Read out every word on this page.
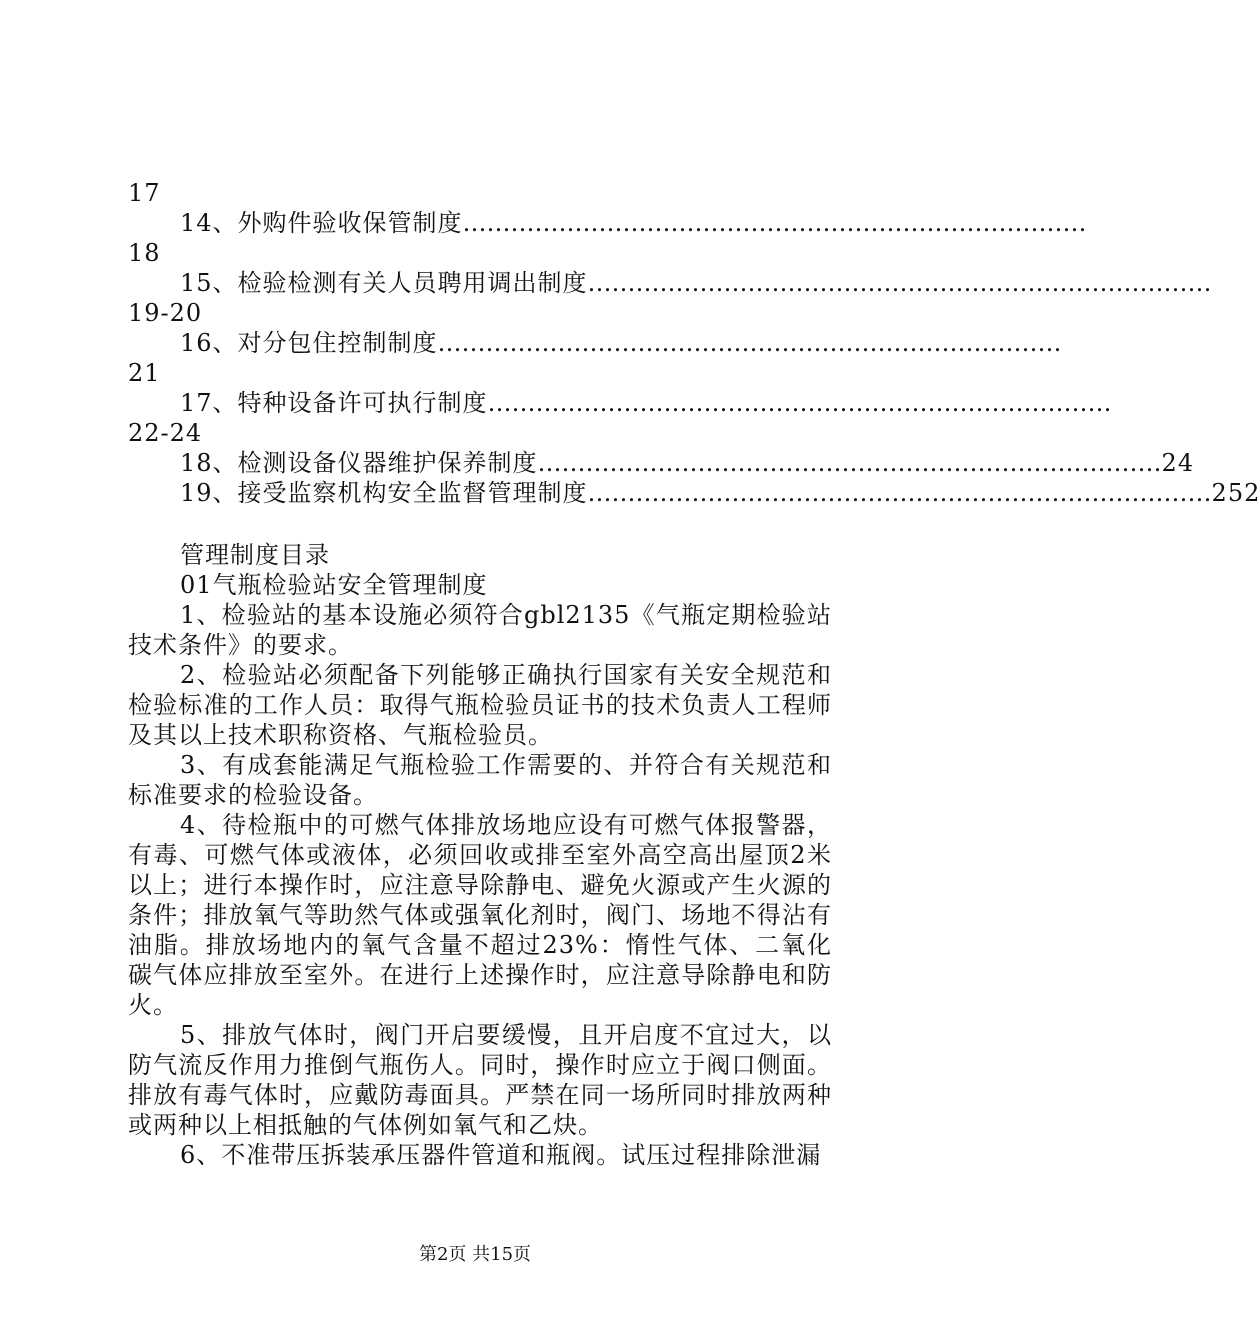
17
14、外购件验收保管制度 ……………………………………………………………………
18
15、检验检测有关人员聘用调出制度 ……………………………………………………………………
19-20
16、对分包住控制制度 ……………………………………………………………………
21
17、特种设备许可执行制度 ……………………………………………………………………
22-24
18、检测设备仪器维护保养制度 …………………………………………………………………… 24
19、接受监察机构安全监督管理制度 …………………………………………………………………… 252
管理制度目录
01气瓶检验站安全管理制度

1、检验站的基本设施必须符合gbl2135《气瓶定期检验站技术条件》的要求。

2、检验站必须配备下列能够正确执行国家有关安全规范和检验标准的工作人员：取得气瓶检验员证书的技术负责人工程师及其以上技术职称资格、气瓶检验员。

3、有成套能满足气瓶检验工作需要的、并符合有关规范和标准要求的检验设备。

4、待检瓶中的可燃气体排放场地应设有可燃气体报警器，有毒、可燃气体或液体，必须回收或排至室外高空高出屋顶2米以上；进行本操作时，应注意导除静电、避免火源或产生火源的条件；排放氧气等助然气体或强氧化剂时，阀门、场地不得沾有油脂。排放场地内的氧气含量不超过23%：惰性气体、二氧化碳气体应排放至室外。在进行上述操作时，应注意导除静电和防火。

5、排放气体时，阀门开启要缓慢，且开启度不宜过大，以防气流反作用力推倒气瓶伤人。同时，操作时应立于阀口侧面。排放有毒气体时，应戴防毒面具。严禁在同一场所同时排放两种或两种以上相抵触的气体例如氧气和乙炔。

6、不准带压拆装承压器件管道和瓶阀。试压过程排除泄漏

第2页 共15页
